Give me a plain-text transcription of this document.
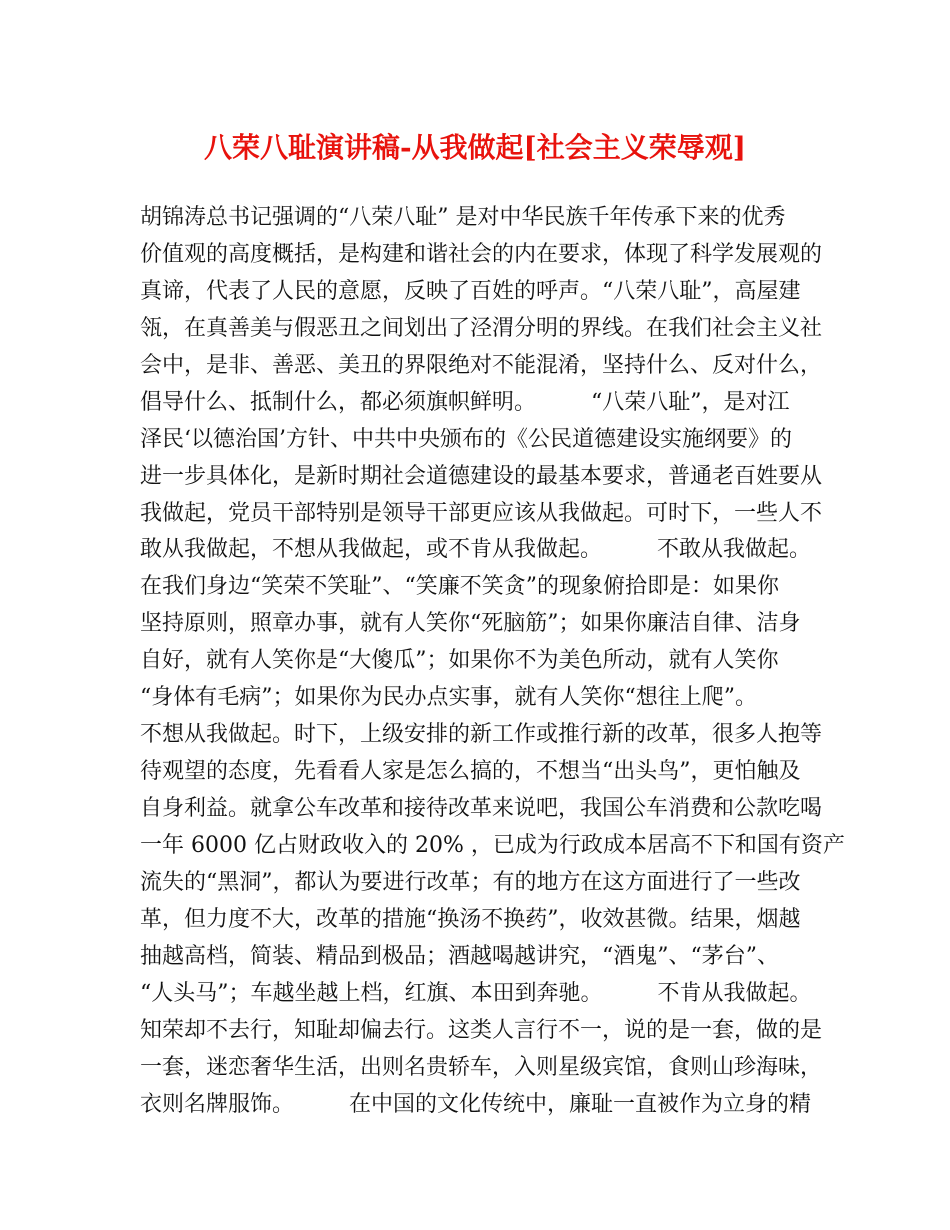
八荣八耻演讲稿-从我做起[社会主义荣辱观]
胡锦涛总书记强调的“八荣八耻” 是对中华民族千年传承下来的优秀
价值观的高度概括，是构建和谐社会的内在要求，体现了科学发展观的
真谛，代表了人民的意愿，反映了百姓的呼声。“八荣八耻”，高屋建
瓴，在真善美与假恶丑之间划出了泾渭分明的界线。在我们社会主义社
会中，是非、善恶、美丑的界限绝对不能混淆，坚持什么、反对什么，
倡导什么、抵制什么，都必须旗帜鲜明。　　　“八荣八耻”，是对江
泽民‘以德治国’方针、中共中央颁布的《公民道德建设实施纲要》的
进一步具体化，是新时期社会道德建设的最基本要求，普通老百姓要从
我做起，党员干部特别是领导干部更应该从我做起。可时下，一些人不
敢从我做起，不想从我做起，或不肯从我做起。　　　不敢从我做起。
在我们身边“笑荣不笑耻”、“笑廉不笑贪”的现象俯拾即是：如果你
坚持原则，照章办事，就有人笑你“死脑筋”；如果你廉洁自律、洁身
自好，就有人笑你是“大傻瓜”；如果你不为美色所动，就有人笑你
“身体有毛病”；如果你为民办点实事，就有人笑你“想往上爬”。
不想从我做起。时下，上级安排的新工作或推行新的改革，很多人抱等
待观望的态度，先看看人家是怎么搞的，不想当“出头鸟”，更怕触及
自身利益。就拿公车改革和接待改革来说吧，我国公车消费和公款吃喝
一年 6000 亿占财政收入的 20% ，已成为行政成本居高不下和国有资产
流失的“黑洞”，都认为要进行改革；有的地方在这方面进行了一些改
革，但力度不大，改革的措施“换汤不换药”，收效甚微。结果，烟越
抽越高档，简装、精品到极品；酒越喝越讲究，“酒鬼”、“茅台”、
“人头马”；车越坐越上档，红旗、本田到奔驰。　　　不肯从我做起。
知荣却不去行，知耻却偏去行。这类人言行不一，说的是一套，做的是
一套，迷恋奢华生活，出则名贵轿车，入则星级宾馆，食则山珍海味，
衣则名牌服饰。　　　在中国的文化传统中，廉耻一直被作为立身的精
